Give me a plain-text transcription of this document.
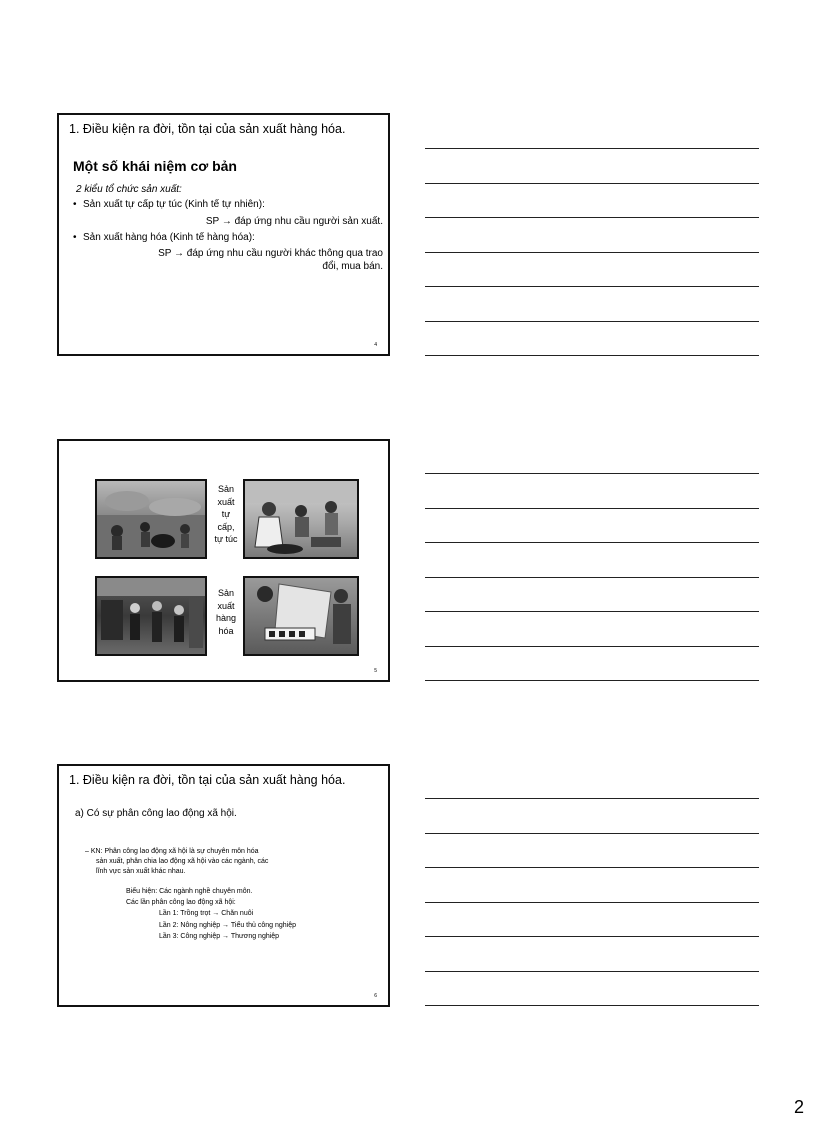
1. Điều kiện ra đời, tồn tại của sản xuất hàng hóa.
Một số khái niệm cơ bản
2 kiểu tổ chức sản xuất:
• Sản xuất tự cấp tự túc (Kinh tế tự nhiên):
SP → đáp ứng nhu cầu người sản xuất.
• Sản xuất hàng hóa (Kinh tế hàng hóa):
SP → đáp ứng nhu cầu người khác thông qua trao
đổi, mua bán.
4
Sản
xuất
tự
cấp,
tự túc
Sản
xuất
hàng
hóa
5
1. Điều kiện ra đời, tồn tại của sản xuất hàng hóa.
a) Có sự phân công lao động xã hội.
– KN: Phân công lao động xã hội là sự chuyên môn hóa
sản xuất, phân chia lao động xã hội vào các ngành, các
lĩnh vực sản xuất khác nhau.
Biểu hiện: Các ngành nghề chuyên môn.
Các lần phân công lao động xã hội:
Lần 1: Trồng trọt → Chăn nuôi
Lần 2: Nông nghiệp → Tiểu thủ công nghiệp
Lần 3: Công nghiệp → Thương nghiệp
6
2
